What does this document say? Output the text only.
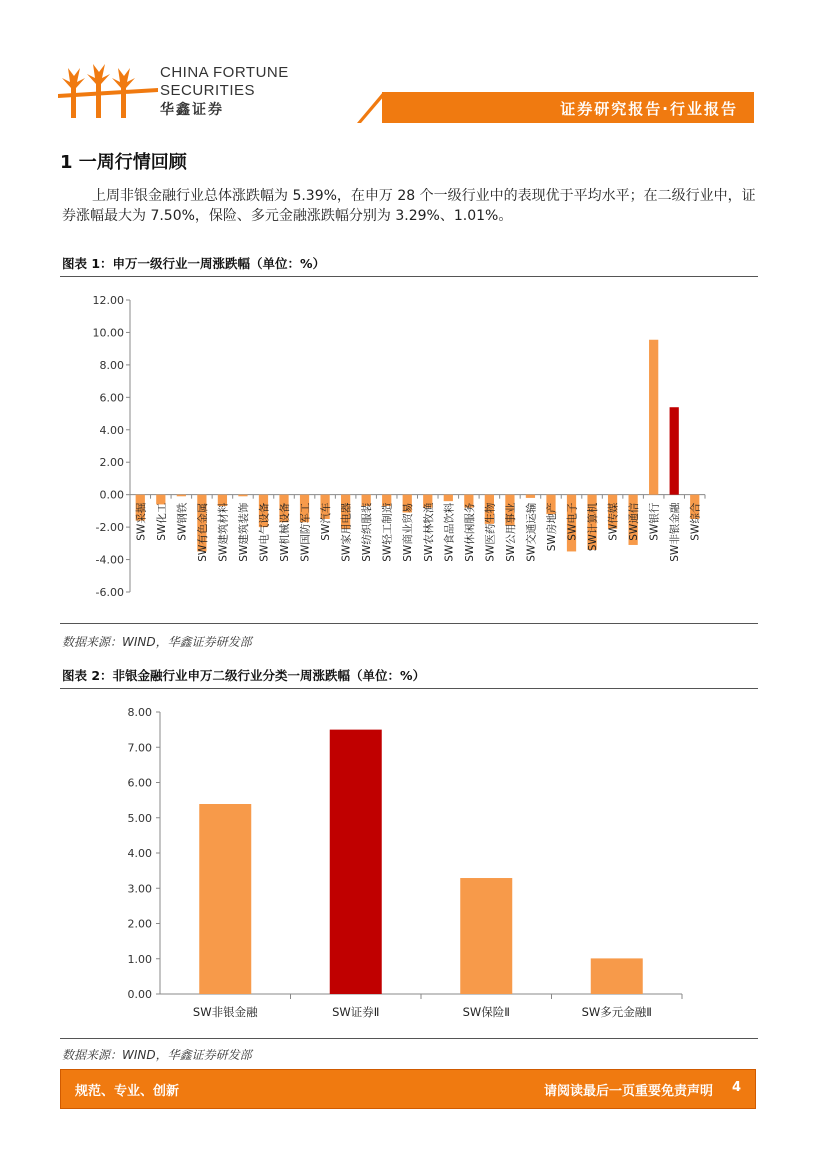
CHINA FORTUNE
SECURITIES
华鑫证券	证券研究报告·行业报告
1 一周行情回顾
上周非银金融行业总体涨跌幅为 5.39%，在申万 28 个一级行业中的表现优于平均水平；在二级行业中，证券涨幅最大为 7.50%，保险、多元金融涨跌幅分别为 3.29%、1.01%。
图表 1：申万一级行业一周涨跌幅（单位：%）
12.00
10.00
8.00
6.00
4.00
2.00
0.00
-2.00
-4.00
-6.00
SW采掘 SW化工 SW钢铁 SW有色金属 SW建筑材料 SW建筑装饰 SW电气设备 SW机械设备 SW国防军工 SW汽车 SW家用电器 SW纺织服装 SW轻工制造 SW商业贸易 SW农林牧渔 SW食品饮料 SW休闲服务 SW医药生物 SW公用事业 SW交通运输 SW房地产 SW电子 SW计算机 SW传媒 SW通信 SW银行 SW非银金融 SW综合
数据来源：WIND，华鑫证券研发部
图表 2：非银金融行业申万二级行业分类一周涨跌幅（单位：%）
8.00
7.00
6.00
5.00
4.00
3.00
2.00
1.00
0.00
SW非银金融	SW证券Ⅱ	SW保险Ⅱ	SW多元金融Ⅱ
数据来源：WIND，华鑫证券研发部
规范、专业、创新	请阅读最后一页重要免责声明 4
